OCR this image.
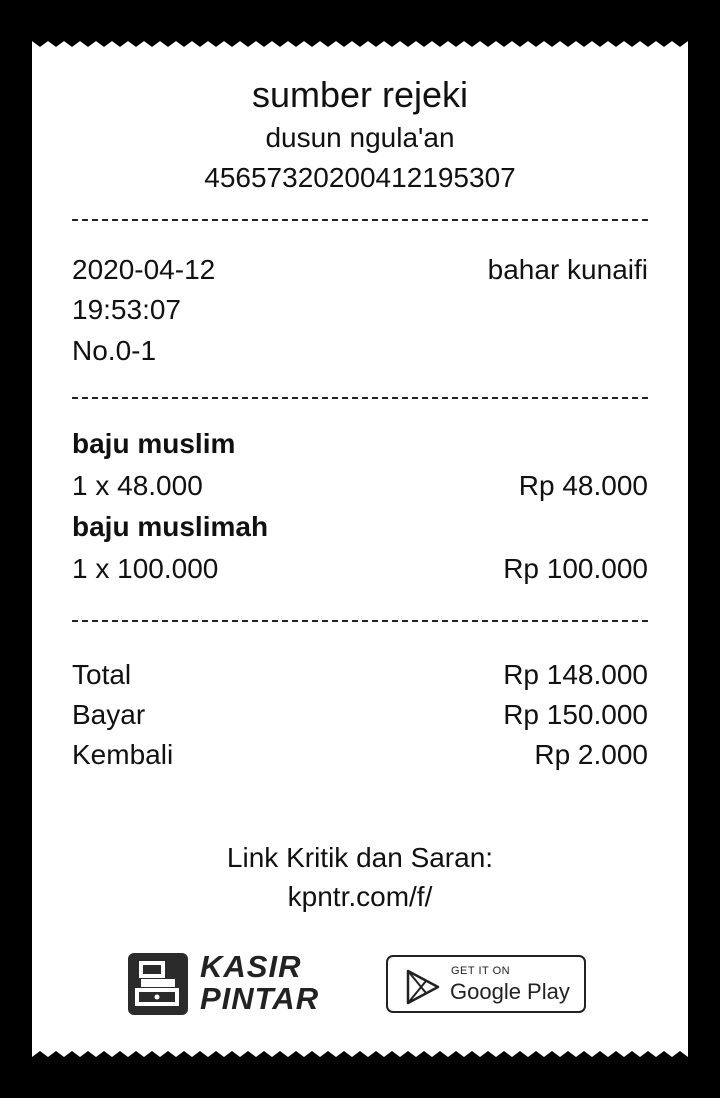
sumber rejeki
dusun ngula'an
45657320200412195307
2020-04-12	bahar kunaifi
19:53:07
No.0-1
baju muslim
1 x 48.000	Rp 48.000
baju muslimah
1 x 100.000	Rp 100.000
Total	Rp 148.000
Bayar	Rp 150.000
Kembali	Rp 2.000
Link Kritik dan Saran:
kpntr.com/f/
KASIR
PINTAR
GET IT ON
Google Play
